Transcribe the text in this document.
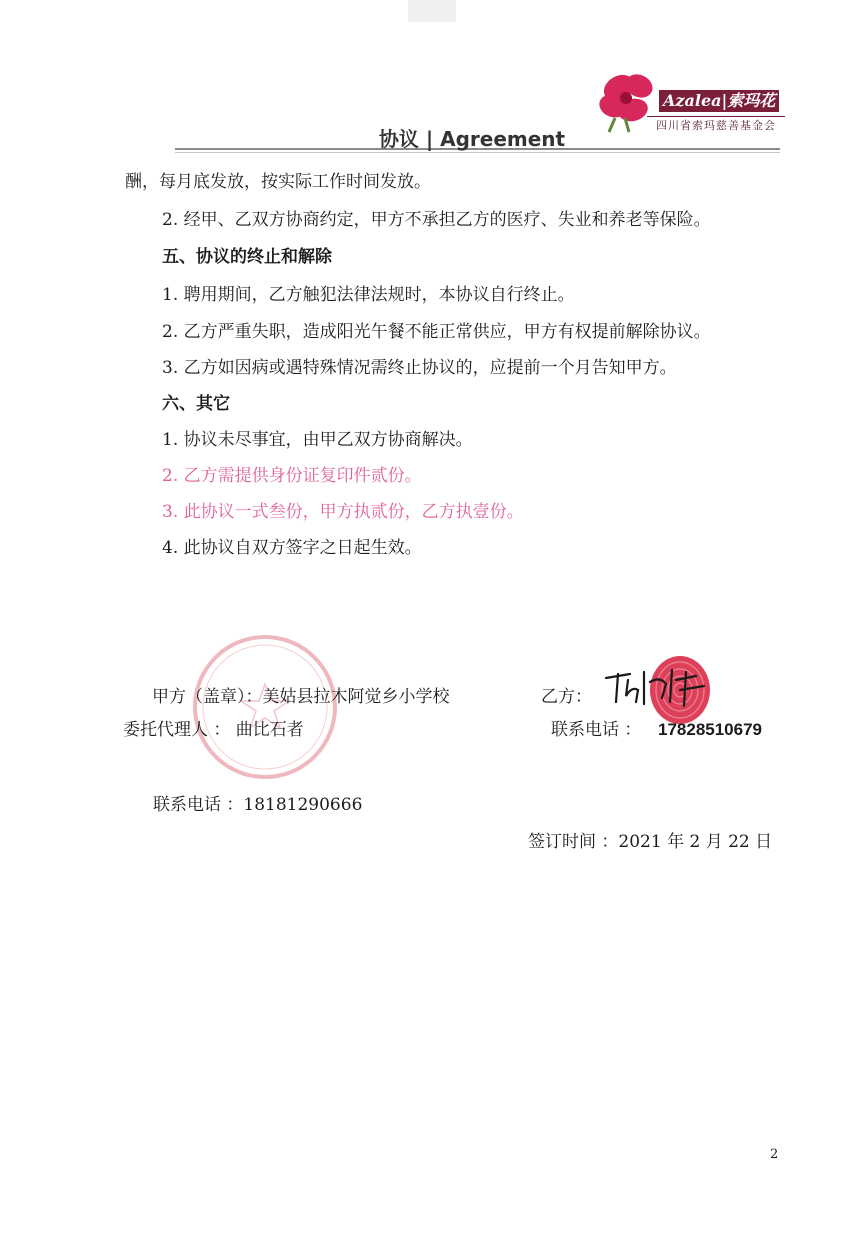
协议 | Agreement
Azalea|索玛花
四川省索玛慈善基金会
酬，每月底发放，按实际工作时间发放。
2. 经甲、乙双方协商约定，甲方不承担乙方的医疗、失业和养老等保险。
五、协议的终止和解除
1. 聘用期间，乙方触犯法律法规时，本协议自行终止。
2. 乙方严重失职，造成阳光午餐不能正常供应，甲方有权提前解除协议。
3. 乙方如因病或遇特殊情况需终止协议的，应提前一个月告知甲方。
六、其它
1. 协议未尽事宜，由甲乙双方协商解决。
2. 乙方需提供身份证复印件贰份。
3. 此协议一式叁份，甲方执贰份，乙方执壹份。
4. 此协议自双方签字之日起生效。
甲方（盖章）：美姑县拉木阿觉乡小学校	乙方：
委托代理人 ： 曲比石者	联系电话 ： 17828510679
联系电话 ：18181290666
签订时间 ：2021 年 2 月 22 日
2
